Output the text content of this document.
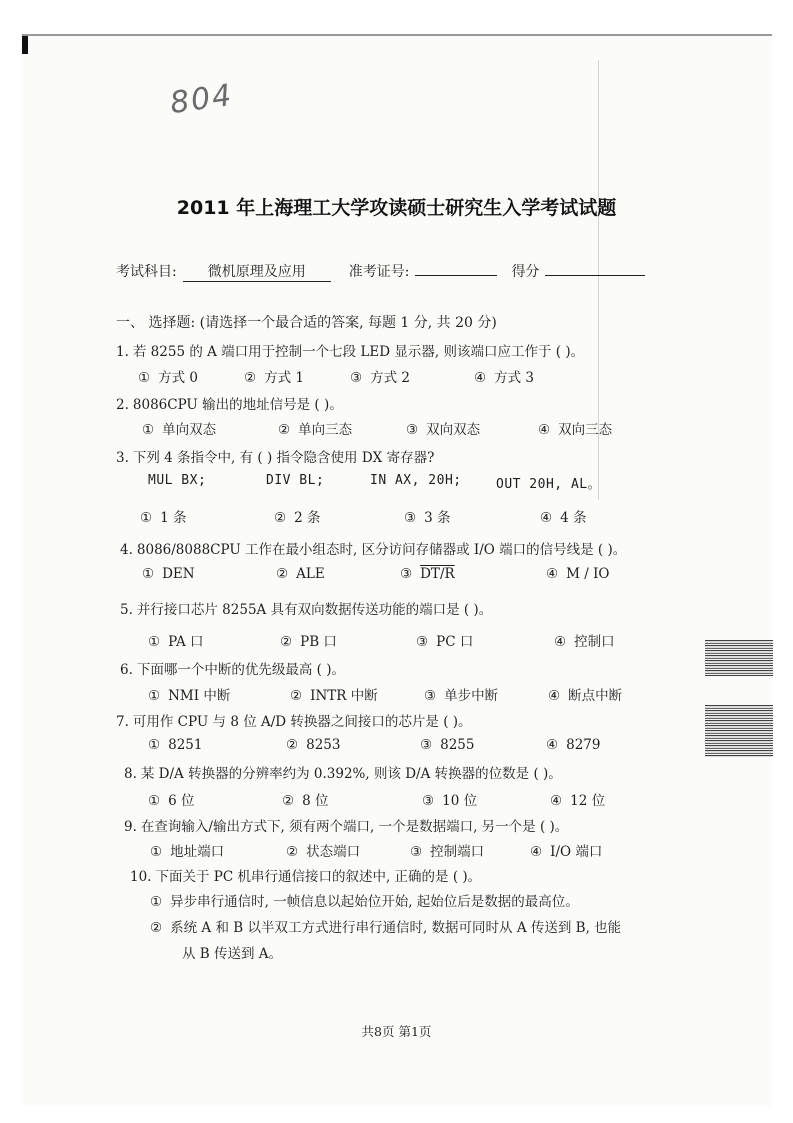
804
2011 年上海理工大学攻读硕士研究生入学考试试题
考试科目:	微机原理及应用	准考证号:	得分
一、 选择题: (请选择一个最合适的答案, 每题 1 分, 共 20 分)
1. 若 8255 的 A 端口用于控制一个七段 LED 显示器, 则该端口应工作于 ( )。
① 方式 0	② 方式 1	③ 方式 2	④ 方式 3
2. 8086CPU 输出的地址信号是 ( )。
① 单向双态	② 单向三态	③ 双向双态	④ 双向三态
3. 下列 4 条指令中, 有 ( ) 指令隐含使用 DX 寄存器?
MUL BX;	DIV BL;	IN AX, 20H;	OUT 20H, AL。
① 1 条	② 2 条	③ 3 条	④ 4 条
4. 8086/8088CPU 工作在最小组态时, 区分访问存储器或 I/O 端口的信号线是 ( )。
① DEN	② ALE	③ DT/R	④ M / IO
5. 并行接口芯片 8255A 具有双向数据传送功能的端口是 ( )。
① PA 口	② PB 口	③ PC 口	④ 控制口
6. 下面哪一个中断的优先级最高 ( )。
① NMI 中断	② INTR 中断	③ 单步中断	④ 断点中断
7. 可用作 CPU 与 8 位 A/D 转换器之间接口的芯片是 ( )。
① 8251	② 8253	③ 8255	④ 8279
8. 某 D/A 转换器的分辨率约为 0.392%, 则该 D/A 转换器的位数是 ( )。
① 6 位	② 8 位	③ 10 位	④ 12 位
9. 在查询输入/输出方式下, 须有两个端口, 一个是数据端口, 另一个是 ( )。
① 地址端口	② 状态端口	③ 控制端口	④ I/O 端口
10. 下面关于 PC 机串行通信接口的叙述中, 正确的是 ( )。
① 异步串行通信时, 一帧信息以起始位开始, 起始位后是数据的最高位。
② 系统 A 和 B 以半双工方式进行串行通信时, 数据可同时从 A 传送到 B, 也能
从 B 传送到 A。
共8页 第1页
